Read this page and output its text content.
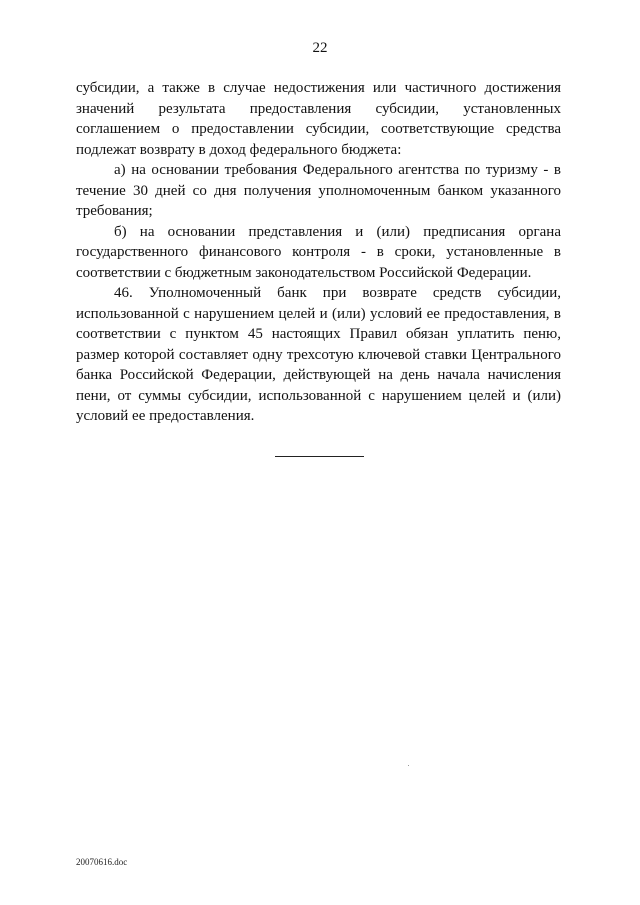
22

субсидии, а также в случае недостижения или частичного достижения значений результата предоставления субсидии, установленных соглашением о предоставлении субсидии, соответствующие средства подлежат возврату в доход федерального бюджета:

а) на основании требования Федерального агентства по туризму - в течение 30 дней со дня получения уполномоченным банком указанного требования;

б) на основании представления и (или) предписания органа государственного финансового контроля - в сроки, установленные в соответствии с бюджетным законодательством Российской Федерации.

46. Уполномоченный банк при возврате средств субсидии, использованной с нарушением целей и (или) условий ее предоставления, в соответствии с пунктом 45 настоящих Правил обязан уплатить пеню, размер которой составляет одну трехсотую ключевой ставки Центрального банка Российской Федерации, действующей на день начала начисления пени, от суммы субсидии, использованной с нарушением целей и (или) условий ее предоставления.

20070616.doc
